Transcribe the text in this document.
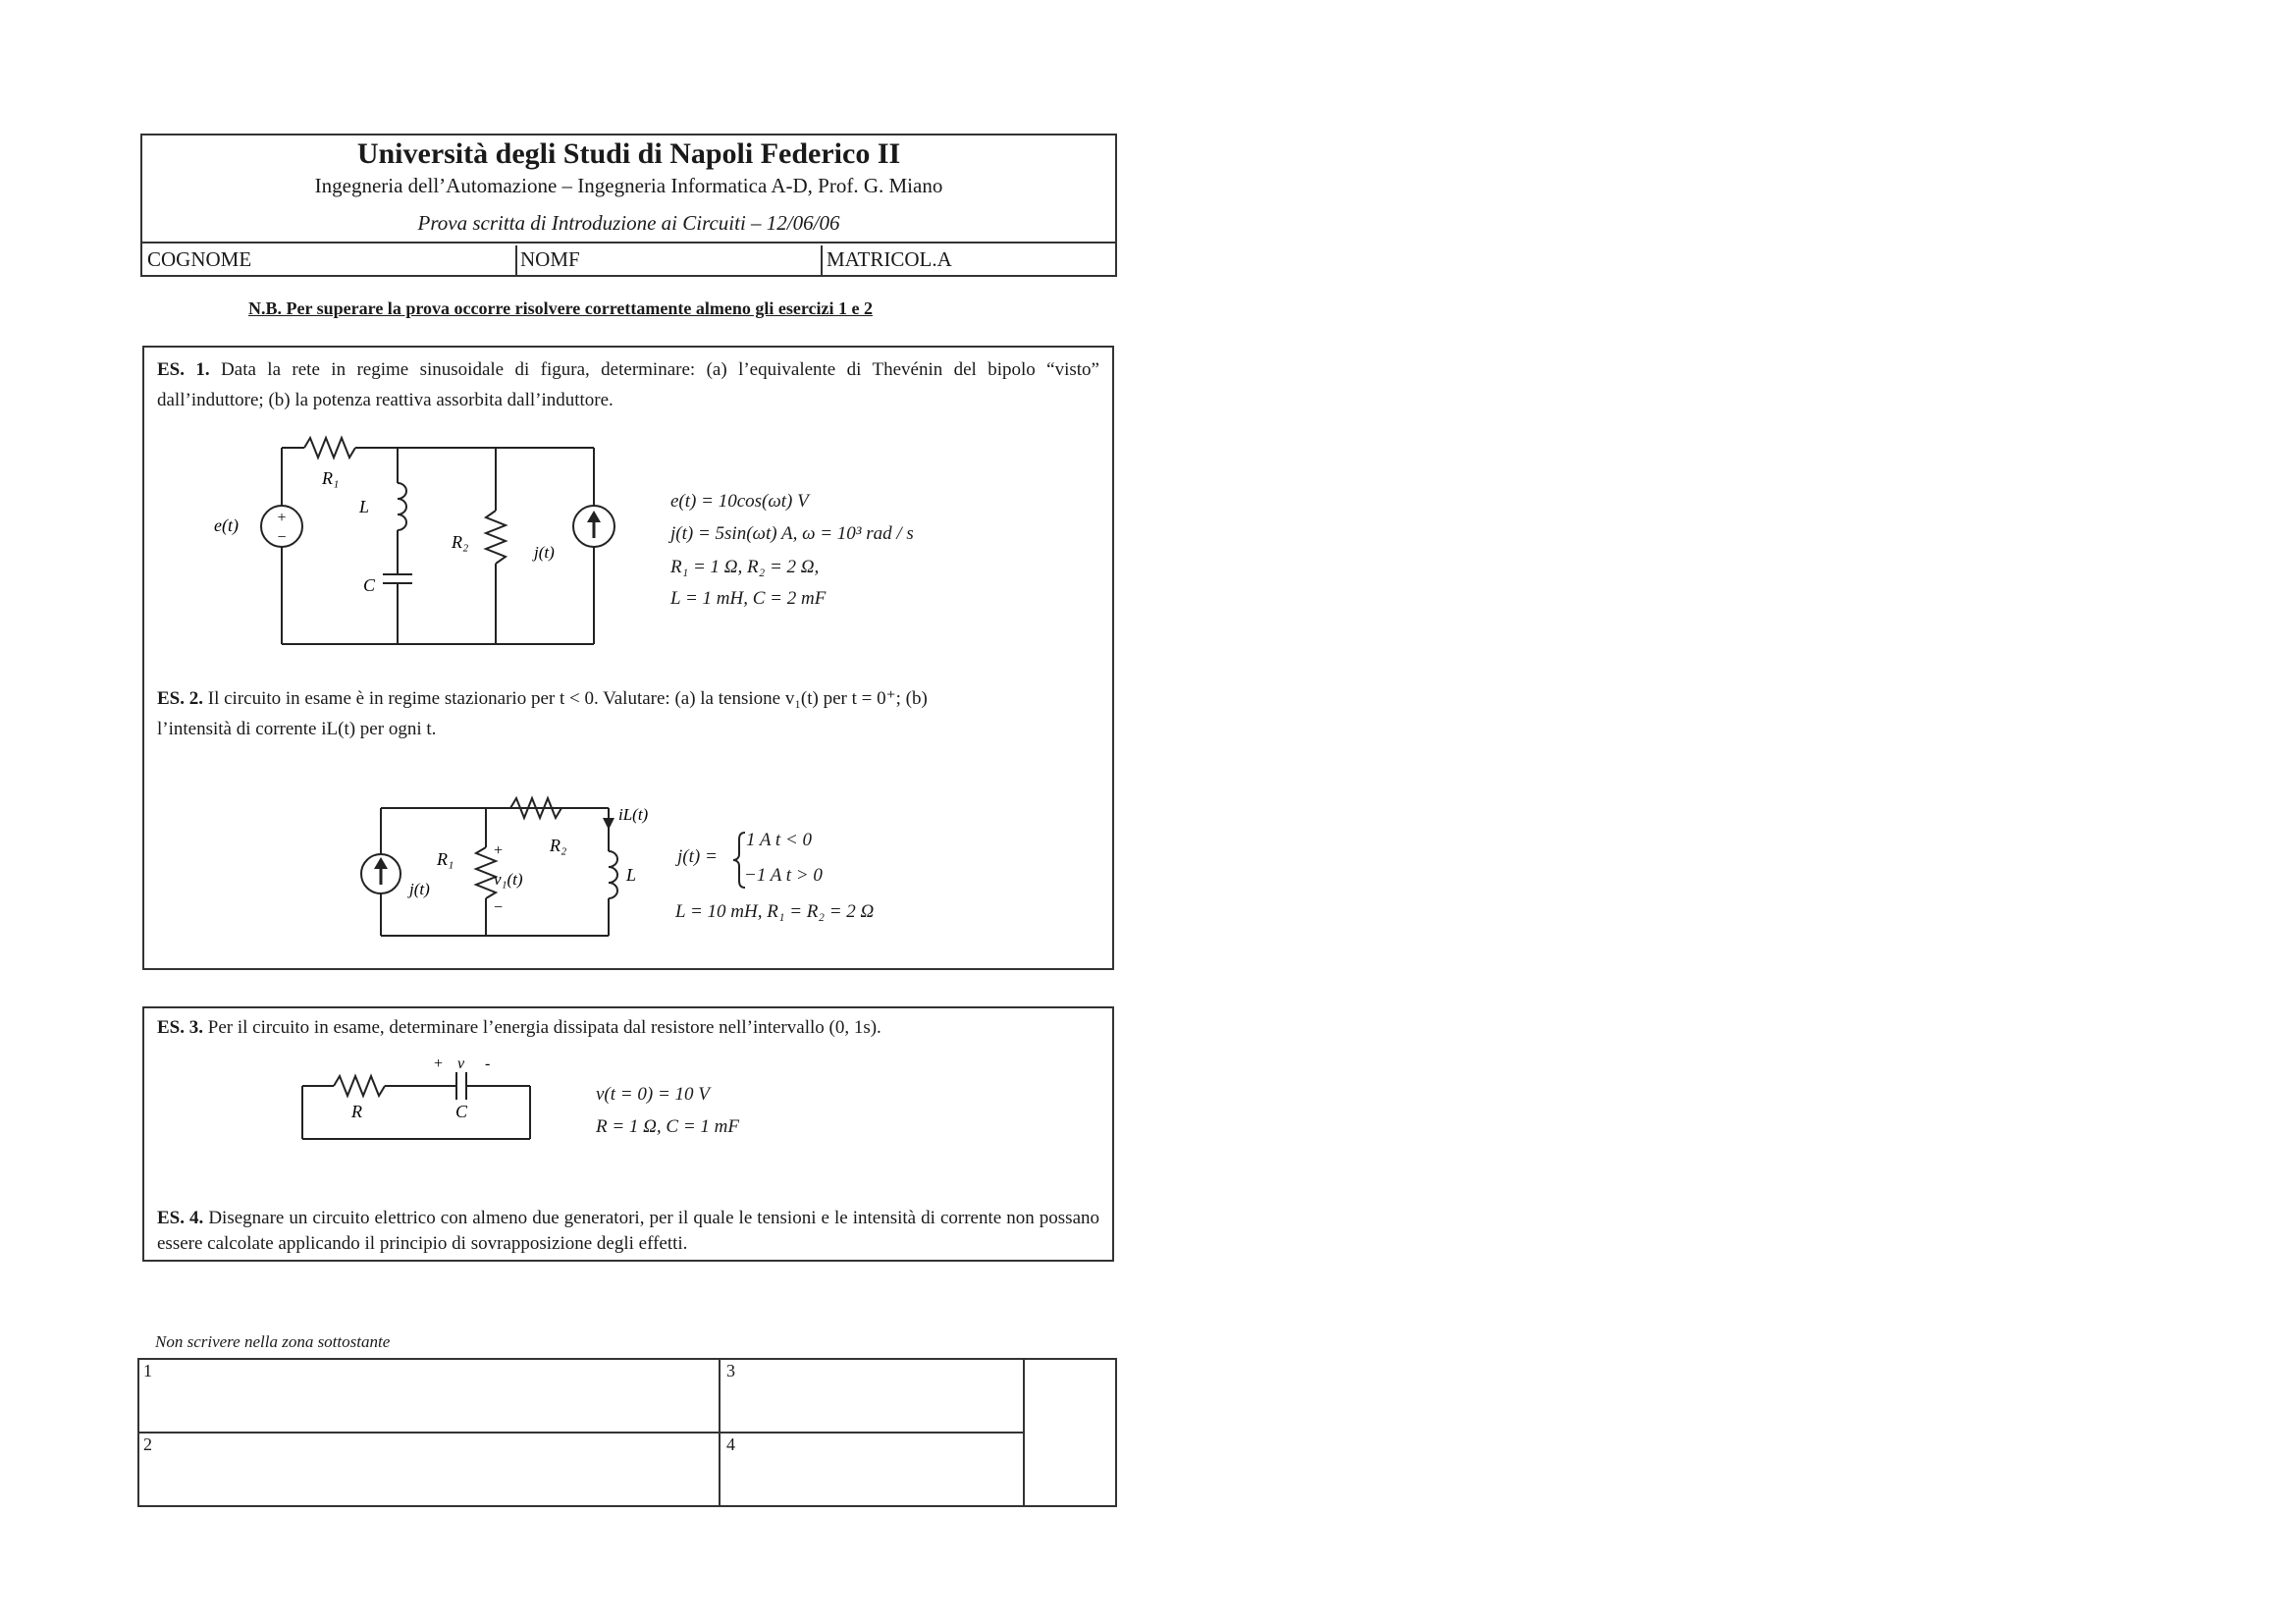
Università degli Studi di Napoli Federico II
Ingegneria dell’Automazione – Ingegneria Informatica A-D, Prof. G. Miano
Prova scritta di Introduzione ai Circuiti – 12/06/06
COGNOME	NOMF	MATRICOL.A
N.B. Per superare la prova occorre risolvere correttamente almeno gli esercizi 1 e 2
ES. 1. Data la rete in regime sinusoidale di figura, determinare: (a) l’equivalente di Thevénin del bipolo “visto” dall’induttore; (b) la potenza reattiva assorbita dall’induttore.
+
−
e(t)
R₁
L
C
R₂
j(t)
e(t) = 10cos(ωt) V
j(t) = 5sin(ωt) A, ω = 10³ rad / s
R₁ = 1 Ω, R₂ = 2 Ω,
L = 1 mH, C = 2 mF
ES. 2. Il circuito in esame è in regime stazionario per t < 0. Valutare: (a) la tensione v₁(t) per t = 0⁺; (b)
l’intensità di corrente iL(t) per ogni t.
R₁	+
−
v₁(t)
R₂
iL(t)
L
j(t)
j(t) =
1 A t < 0
−1 A t > 0
L = 10 mH, R₁ = R₂ = 2 Ω
ES. 3. Per il circuito in esame, determinare l’energia dissipata dal resistore nell’intervallo (0, 1s).
+ v -
R	C
v(t = 0) = 10 V
R = 1 Ω, C = 1 mF
ES. 4. Disegnare un circuito elettrico con almeno due generatori, per il quale le tensioni e le intensità di corrente non possano essere calcolate applicando il principio di sovrapposizione degli effetti.
Non scrivere nella zona sottostante
1	3
2	4
